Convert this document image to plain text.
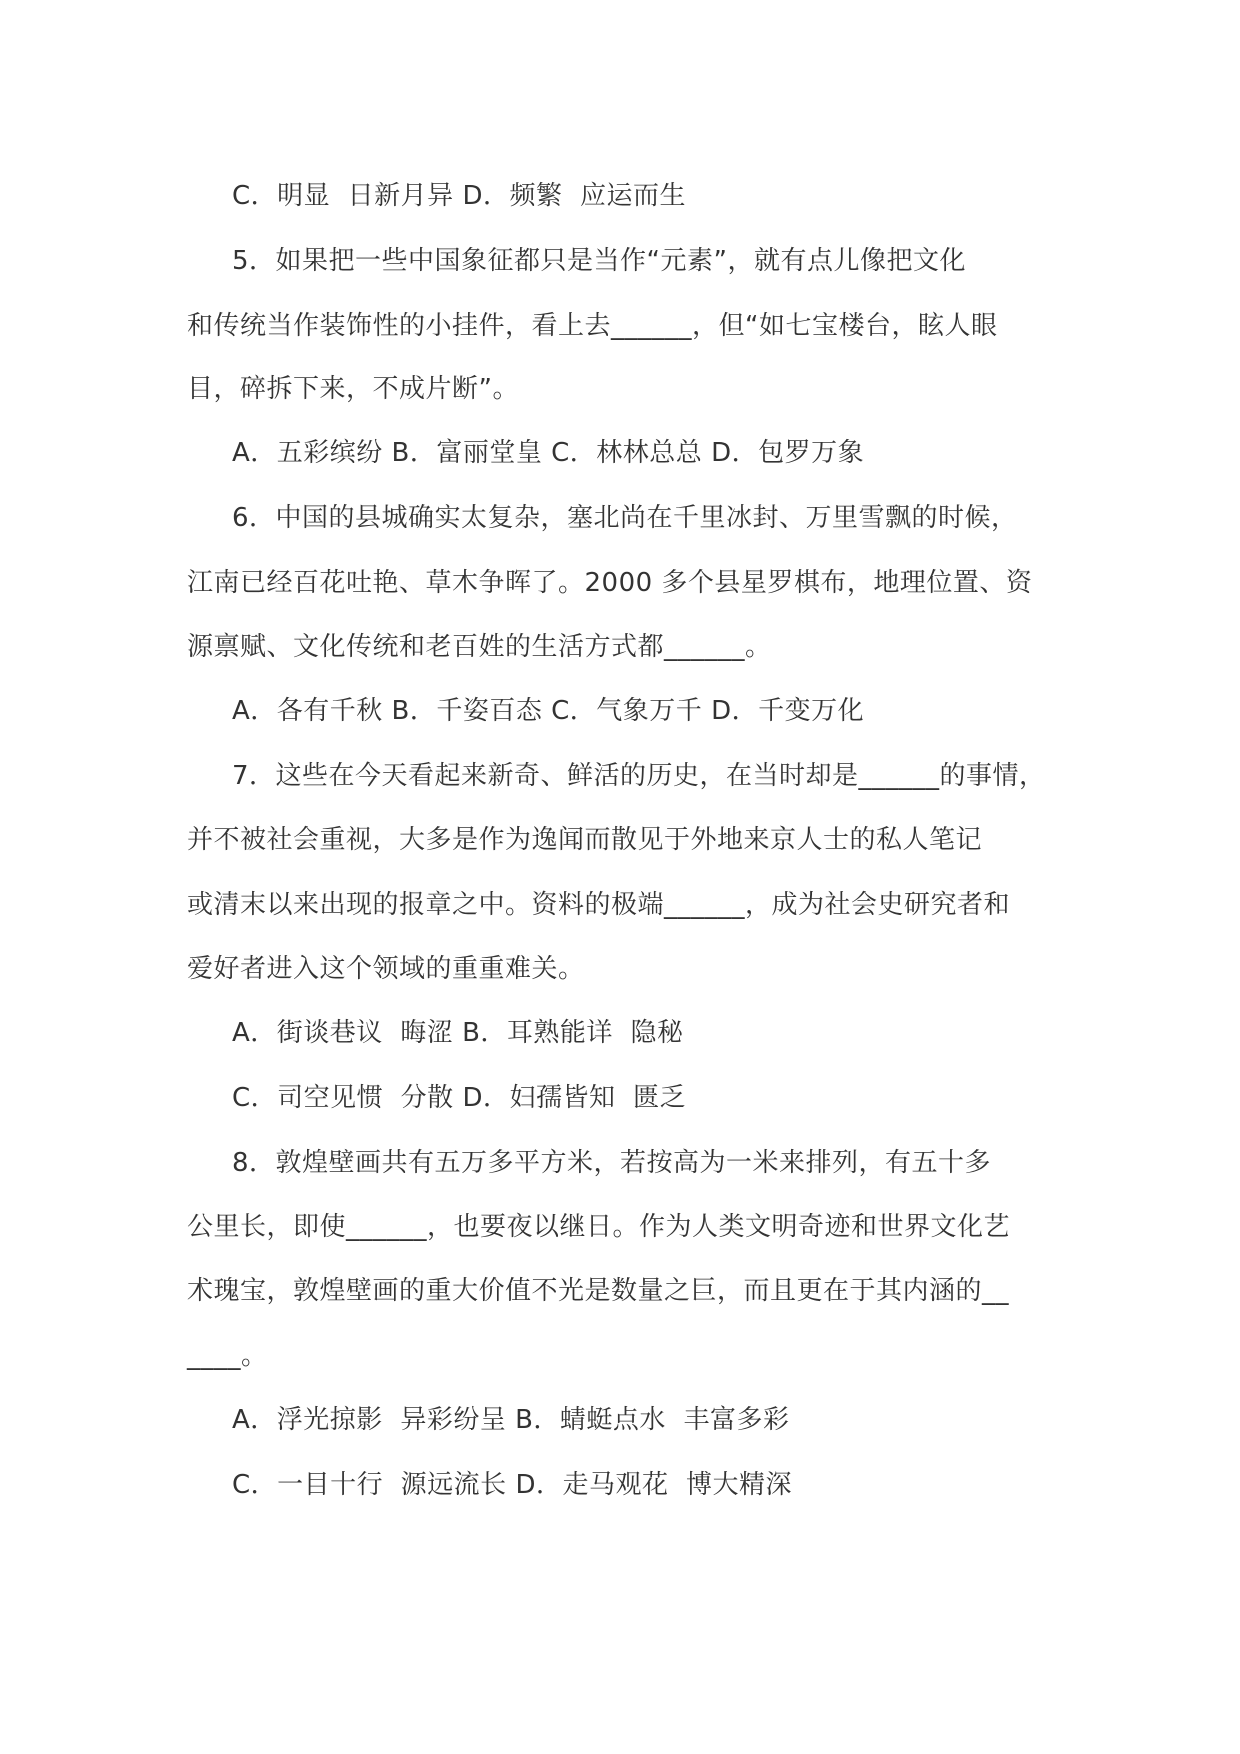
C．明显  日新月异 D．频繁  应运而生
5．如果把一些中国象征都只是当作“元素”，就有点儿像把文化
和传统当作装饰性的小挂件，看上去______，但“如七宝楼台，眩人眼
目，碎拆下来，不成片断”。
A．五彩缤纷 B．富丽堂皇 C．林林总总 D．包罗万象
6．中国的县城确实太复杂，塞北尚在千里冰封、万里雪飘的时候，
江南已经百花吐艳、草木争晖了。2000 多个县星罗棋布，地理位置、资
源禀赋、文化传统和老百姓的生活方式都______。
A．各有千秋 B．千姿百态 C．气象万千 D．千变万化
7．这些在今天看起来新奇、鲜活的历史，在当时却是______的事情，
并不被社会重视，大多是作为逸闻而散见于外地来京人士的私人笔记
或清末以来出现的报章之中。资料的极端______，成为社会史研究者和
爱好者进入这个领域的重重难关。
A．街谈巷议  晦涩 B．耳熟能详  隐秘
C．司空见惯  分散 D．妇孺皆知  匮乏
8．敦煌壁画共有五万多平方米，若按高为一米来排列，有五十多
公里长，即使______，也要夜以继日。作为人类文明奇迹和世界文化艺
术瑰宝，敦煌壁画的重大价值不光是数量之巨，而且更在于其内涵的__
____。
A．浮光掠影  异彩纷呈 B．蜻蜓点水  丰富多彩
C．一目十行  源远流长 D．走马观花  博大精深
